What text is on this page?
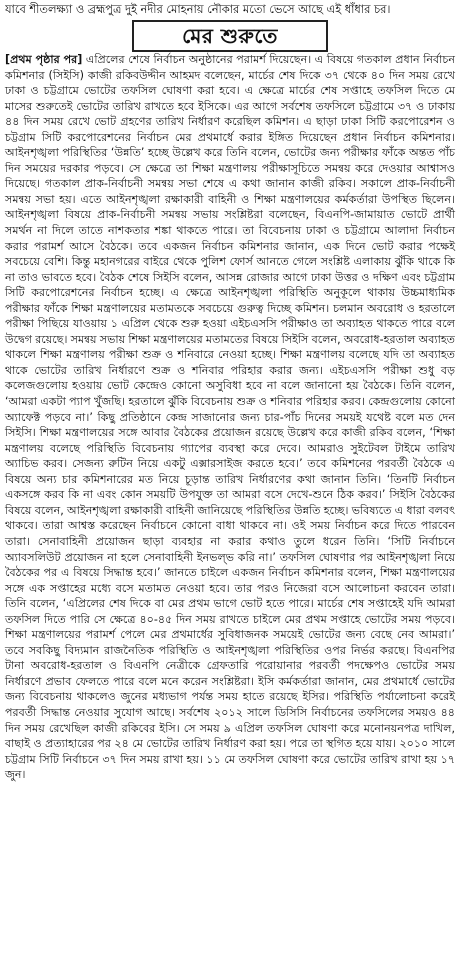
যাবে শীতলক্ষ্যা ও ব্রহ্মপুত্র দুই নদীর মোহনায় নৌকার মতো ভেসে আছে এই ধাঁধার চর।
মের শুরুতে
[প্রথম পৃষ্ঠার পর] এপ্রিলের শেষে নির্বাচন অনুষ্ঠানের পরামর্শ দিয়েছেন। এ বিষয়ে গতকাল প্রধান নির্বাচন কমিশনার (সিইসি) কাজী রকিবউদ্দীন আহমদ বলেছেন, মার্চের শেষ দিকে ৩৭ থেকে ৪০ দিন সময় রেখে ঢাকা ও চট্টগ্রামে ভোটের তফসিল ঘোষণা করা হবে। এ ক্ষেত্রে মার্চের শেষ সপ্তাহে তফসিল দিতে মে মাসের শুরুতেই ভোটের তারিখ রাখতে হবে ইসিকে। এর আগে সর্বশেষ তফসিলে চট্টগ্রামে ৩৭ ও ঢাকায় ৪৪ দিন সময় রেখে ভোট গ্রহণের তারিখ নির্ধারণ করেছিল কমিশন। এ ছাড়া ঢাকা সিটি করপোরেশন ও চট্টগ্রাম সিটি করপোরেশনের নির্বাচন মের প্রথমার্ধে করার ইঙ্গিত দিয়েছেন প্রধান নির্বাচন কমিশনার। আইনশৃঙ্খলা পরিস্থিতির ‘উন্নতি’ হচ্ছে উল্লেখ করে তিনি বলেন, ভোটের জন্য পরীক্ষার ফাঁকে অন্তত পাঁচ দিন সময়ের দরকার পড়বে। সে ক্ষেত্রে তা শিক্ষা মন্ত্রণালয় পরীক্ষাসূচিতে সমন্বয় করে দেওয়ার আশ্বাসও দিয়েছে। গতকাল প্রাক-নির্বাচনী সমন্বয় সভা শেষে এ কথা জানান কাজী রকিব। সকালে প্রাক-নির্বাচনী সমন্বয় সভা হয়। এতে আইনশৃঙ্খলা রক্ষাকারী বাহিনী ও শিক্ষা মন্ত্রণালয়ের কর্মকর্তারা উপস্থিত ছিলেন। আইনশৃঙ্খলা বিষয়ে প্রাক-নির্বাচনী সমন্বয় সভায় সংশ্লিষ্টরা বলেছেন, বিএনপি-জামায়াত ভোটে প্রার্থী সমর্থন না দিলে তাতে নাশকতার শঙ্কা থাকতে পারে। তা বিবেচনায় ঢাকা ও চট্টগ্রামে আলাদা নির্বাচন করার পরামর্শ আসে বৈঠকে। তবে একজন নির্বাচন কমিশনার জানান, এক দিনে ভোট করার পক্ষেই সবচেয়ে বেশি। কিন্তু মহানগরের বাইরে থেকে পুলিশ ফোর্স আনতে গেলে সংশ্লিষ্ট এলাকায় ঝুঁকি থাকে কি না তাও ভাবতে হবে। বৈঠক শেষে সিইসি বলেন, আসন্ন রোজার আগে ঢাকা উত্তর ও দক্ষিণ এবং চট্টগ্রাম সিটি করপোরেশনের নির্বাচন হচ্ছে। এ ক্ষেত্রে আইনশৃঙ্খলা পরিস্থিতি অনুকূলে থাকায় উচ্চমাধ্যমিক পরীক্ষার ফাঁকে শিক্ষা মন্ত্রণালয়ের মতামতকে সবচেয়ে গুরুত্ব দিচ্ছে কমিশন। চলমান অবরোধ ও হরতালে পরীক্ষা পিছিয়ে যাওয়ায় ১ এপ্রিল থেকে শুরু হওয়া এইচএসসি পরীক্ষাও তা অব্যাহত থাকতে পারে বলে উদ্বেগ রয়েছে। সমন্বয় সভায় শিক্ষা মন্ত্রণালয়ের মতামতের বিষয়ে সিইসি বলেন, অবরোধ-হরতাল অব্যাহত থাকলে শিক্ষা মন্ত্রণালয় পরীক্ষা শুক্র ও শনিবারে নেওয়া হচ্ছে। শিক্ষা মন্ত্রণালয় বলেছে যদি তা অব্যাহত থাকে ভোটের তারিখ নির্ধারণে শুক্র ও শনিবার পরিহার করার জন্য। এইচএসসি পরীক্ষা শুধু বড় কলেজগুলোয় হওয়ায় ভোট কেন্দ্রেও কোনো অসুবিধা হবে না বলে জানানো হয় বৈঠকে। তিনি বলেন, ‘আমরা একটা প্যাপ খুঁজছি। হরতালে ঝুঁকি বিবেচনায় শুক্র ও শনিবার পরিহার করব। কেন্দ্রগুলোয় কোনো অ্যাফেক্ট পড়বে না।’ কিছু প্রতিষ্ঠানে কেন্দ্র সাজানোর জন্য চার-পাঁচ দিনের সময়ই যথেষ্ট বলে মত দেন সিইসি। শিক্ষা মন্ত্রণালয়ের সঙ্গে আবার বৈঠকের প্রয়োজন রয়েছে উল্লেখ করে কাজী রকিব বলেন, ‘শিক্ষা মন্ত্রণালয় বলেছে পরিস্থিতি বিবেচনায় গ্যাপের ব্যবস্থা করে দেবে। আমরাও সুইটেবল টাইমে তারিখ অ্যাচিভ করব। সেজন্য রুটিন নিয়ে একটু এক্সারসাইজ করতে হবে।’ তবে কমিশনের পরবর্তী বৈঠকে এ বিষয়ে অন্য চার কমিশনারের মত নিয়ে চূড়ান্ত তারিখ নির্ধারণের কথা জানান তিনি। ‘তিনটি নির্বাচন একসঙ্গে করব কি না এবং কোন সময়টি উপযুক্ত তা আমরা বসে দেখে-শুনে ঠিক করব।’ সিইসি বৈঠকের বিষয়ে বলেন, আইনশৃঙ্খলা রক্ষাকারী বাহিনী জানিয়েছে পরিস্থিতির উন্নতি হচ্ছে। ভবিষ্যতে এ ধারা বলবৎ থাকবে। তারা আশ্বস্ত করেছেন নির্বাচনে কোনো বাধা থাকবে না। ওই সময় নির্বাচন করে দিতে পারবেন তারা। সেনাবাহিনী প্রয়োজন ছাড়া ব্যবহার না করার কথাও তুলে ধরেন তিনি। ‘সিটি নির্বাচনে অ্যাবসলিউট প্রয়োজন না হলে সেনাবাহিনী ইনভল্ভ করি না।’ তফসিল ঘোষণার পর আইনশৃঙ্খলা নিয়ে বৈঠকের পর এ বিষয়ে সিদ্ধান্ত হবে।’ জানতে চাইলে একজন নির্বাচন কমিশনার বলেন, শিক্ষা মন্ত্রণালয়ের সঙ্গে এক সপ্তাহের মধ্যে বসে মতামত নেওয়া হবে। তার পরও নিজেরা বসে আলোচনা করবেন তারা। তিনি বলেন, ‘এপ্রিলের শেষ দিকে বা মের প্রথম ভাগে ভোট হতে পারে। মার্চের শেষ সপ্তাহেই যদি আমরা তফসিল দিতে পারি সে ক্ষেত্রে ৪০-৪৫ দিন সময় রাখতে চাইলে মের প্রথম সপ্তাহে ভোটের সময় পড়বে। শিক্ষা মন্ত্রণালয়ের পরামর্শ পেলে মের প্রথমার্ধের সুবিধাজনক সময়েই ভোটের জন্য বেছে নেব আমরা।’ তবে সবকিছু বিদ্যমান রাজনৈতিক পরিস্থিতি ও আইনশৃঙ্খলা পরিস্থিতির ওপর নির্ভর করছে। বিএনপির টানা অবরোধ-হরতাল ও বিএনপি নেত্রীকে গ্রেফতারি পরোয়ানার পরবর্তী পদক্ষেপও ভোটের সময় নির্ধারণে প্রভাব ফেলতে পারে বলে মনে করেন সংশ্লিষ্টরা। ইসি কর্মকর্তারা জানান, মের প্রথমার্ধে ভোটের জন্য বিবেচনায় থাকলেও জুনের মধ্যভাগ পর্যন্ত সময় হাতে রয়েছে ইসির। পরিস্থিতি পর্যালোচনা করেই পরবর্তী সিদ্ধান্ত নেওয়ার সুযোগ আছে। সর্বশেষ ২০১২ সালে ডিসিসি নির্বাচনের তফসিলের সময়ও ৪৪ দিন সময় রেখেছিল কাজী রকিবের ইসি। সে সময় ৯ এপ্রিল তফসিল ঘোষণা করে মনোনয়নপত্র দাখিল, বাছাই ও প্রত্যাহারের পর ২৪ মে ভোটের তারিখ নির্ধারণ করা হয়। পরে তা স্থগিত হয়ে যায়। ২০১০ সালে চট্টগ্রাম সিটি নির্বাচনে ৩৭ দিন সময় রাখা হয়। ১১ মে তফসিল ঘোষণা করে ভোটের তারিখ রাখা হয় ১৭ জুন।
